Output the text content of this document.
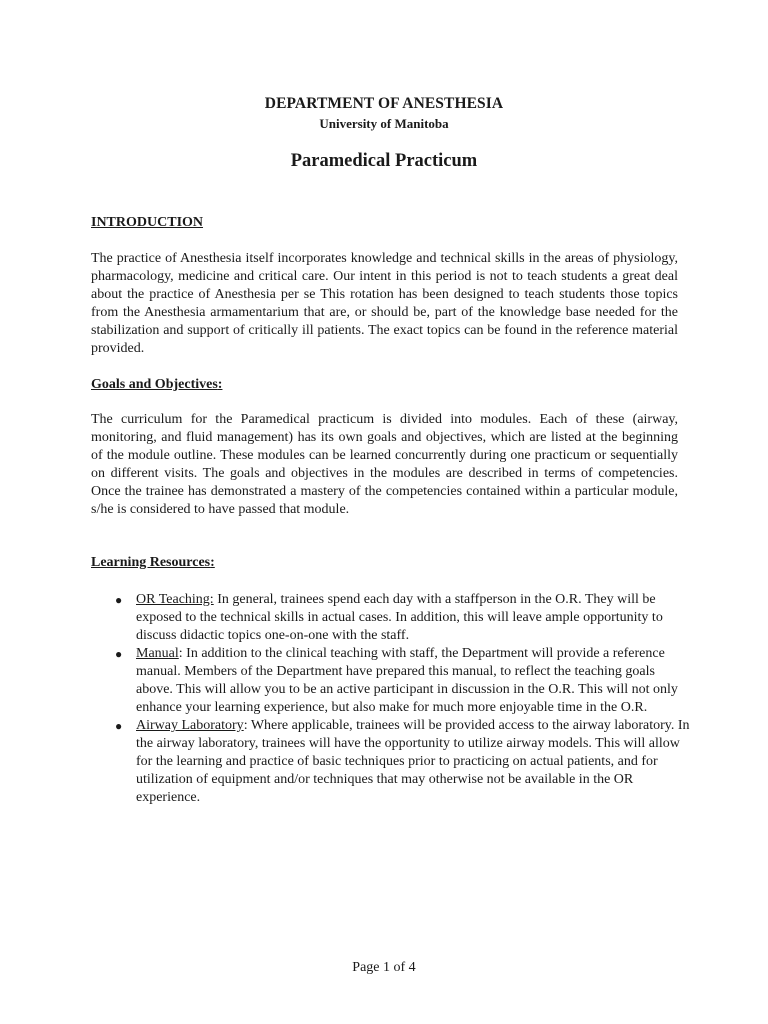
DEPARTMENT OF ANESTHESIA
University of Manitoba
Paramedical Practicum
INTRODUCTION
The practice of Anesthesia itself incorporates knowledge and technical skills in the areas of physiology, pharmacology, medicine and critical care. Our intent in this period is not to teach students a great deal about the practice of Anesthesia per se This rotation has been designed to teach students those topics from the Anesthesia armamentarium that are, or should be, part of the knowledge base needed for the stabilization and support of critically ill patients. The exact topics can be found in the reference material provided.
Goals and Objectives:
The curriculum for the Paramedical practicum is divided into modules. Each of these (airway, monitoring, and fluid management) has its own goals and objectives, which are listed at the beginning of the module outline. These modules can be learned concurrently during one practicum or sequentially on different visits. The goals and objectives in the modules are described in terms of competencies. Once the trainee has demonstrated a mastery of the competencies contained within a particular module, s/he is considered to have passed that module.
Learning Resources:
● OR Teaching: In general, trainees spend each day with a staffperson in the O.R. They will be exposed to the technical skills in actual cases. In addition, this will leave ample opportunity to discuss didactic topics one-on-one with the staff.
● Manual: In addition to the clinical teaching with staff, the Department will provide a reference manual. Members of the Department have prepared this manual, to reflect the teaching goals above. This will allow you to be an active participant in discussion in the O.R. This will not only enhance your learning experience, but also make for much more enjoyable time in the O.R.
● Airway Laboratory: Where applicable, trainees will be provided access to the airway laboratory. In the airway laboratory, trainees will have the opportunity to utilize airway models. This will allow for the learning and practice of basic techniques prior to practicing on actual patients, and for utilization of equipment and/or techniques that may otherwise not be available in the OR experience.
Page 1 of 4
